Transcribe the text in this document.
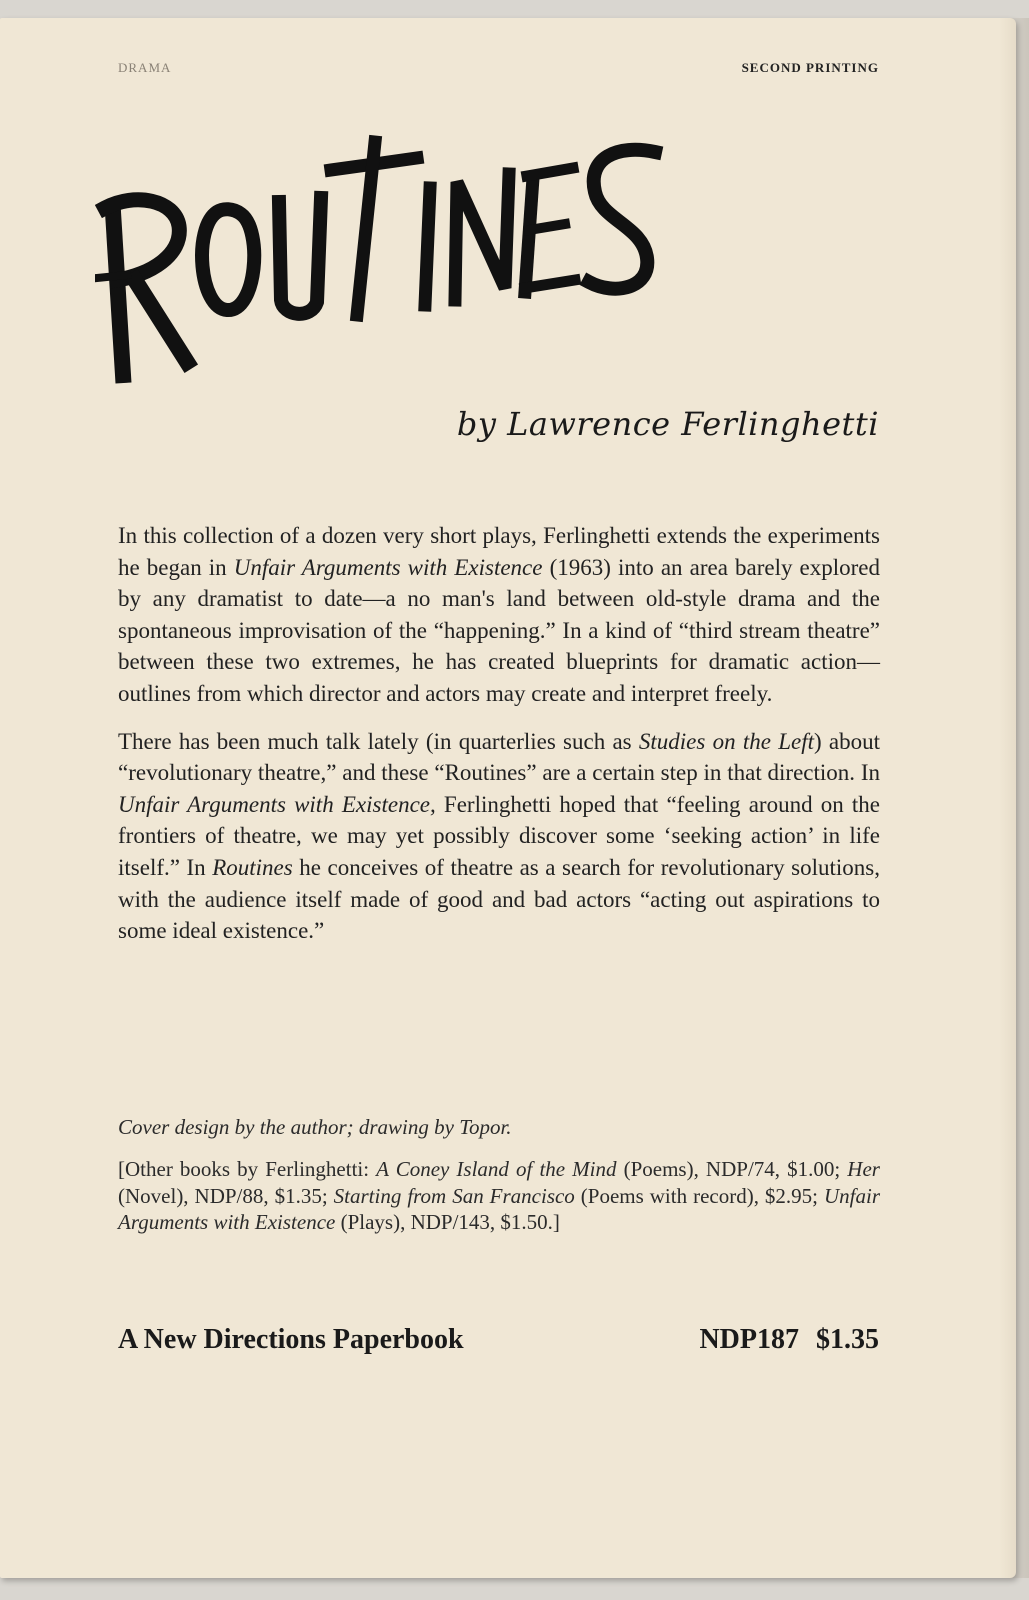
DRAMA	SECOND PRINTING
by Lawrence Ferlinghetti

In this collection of a dozen very short plays, Ferlinghetti extends the experiments he began in Unfair Arguments with Existence (1963) into an area barely explored by any dramatist to date—a no man's land between old-style drama and the spontaneous improvisation of the “happening.” In a kind of “third stream theatre” between these two extremes, he has created blueprints for dramatic action—outlines from which director and actors may create and interpret freely.

There has been much talk lately (in quarterlies such as Studies on the Left) about “revolutionary theatre,” and these “Routines” are a certain step in that direction. In Unfair Arguments with Existence, Ferlinghetti hoped that “feeling around on the frontiers of theatre, we may yet possibly discover some ‘seeking action’ in life itself.” In Routines he conceives of theatre as a search for revolutionary solutions, with the audience itself made of good and bad actors “acting out aspirations to some ideal existence.”

Cover design by the author; drawing by Topor.
[Other books by Ferlinghetti: A Coney Island of the Mind (Poems), NDP/74, $1.00; Her (Novel), NDP/88, $1.35; Starting from San Francisco (Poems with record), $2.95; Unfair Arguments with Existence (Plays), NDP/143, $1.50.]
A New Directions Paperbook	NDP187 $1.35
